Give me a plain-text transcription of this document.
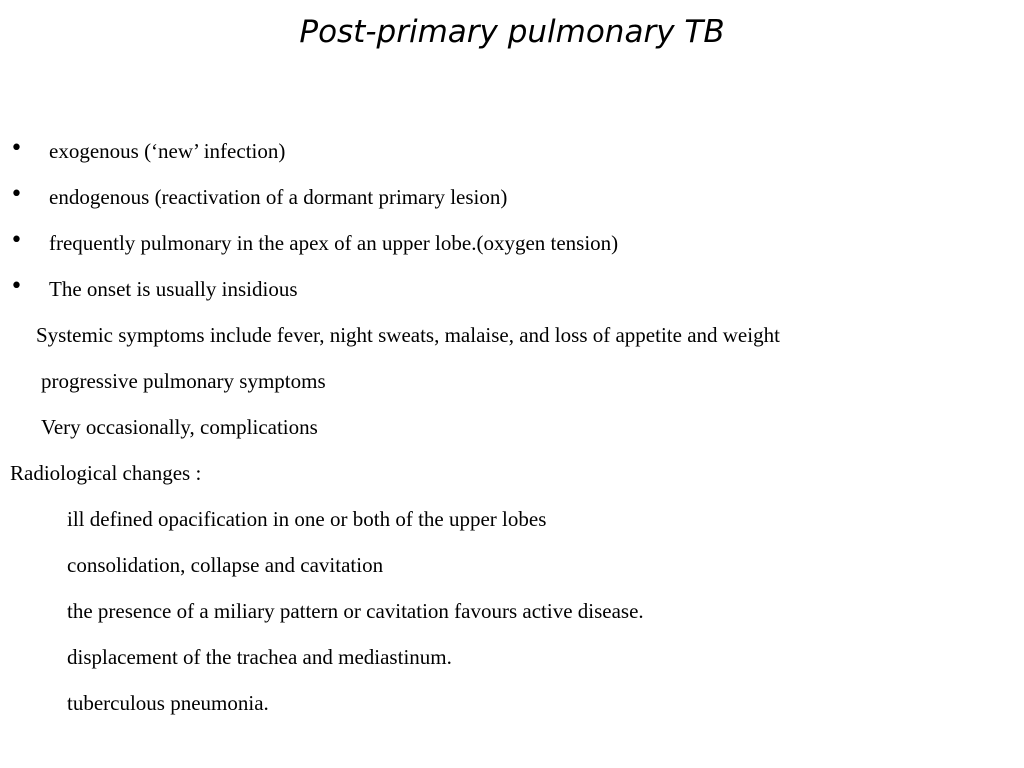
Post-primary pulmonary TB
• exogenous (‘new’ infection)
• endogenous (reactivation of a dormant primary lesion)
• frequently pulmonary in the apex of an upper lobe.(oxygen tension)
• The onset is usually insidious
Systemic symptoms include fever, night sweats, malaise, and loss of appetite and weight
progressive pulmonary symptoms
Very occasionally, complications
Radiological changes :
ill defined opacification in one or both of the upper lobes
consolidation, collapse and cavitation
the presence of a miliary pattern or cavitation favours active disease.
displacement of the trachea and mediastinum.
tuberculous pneumonia.
